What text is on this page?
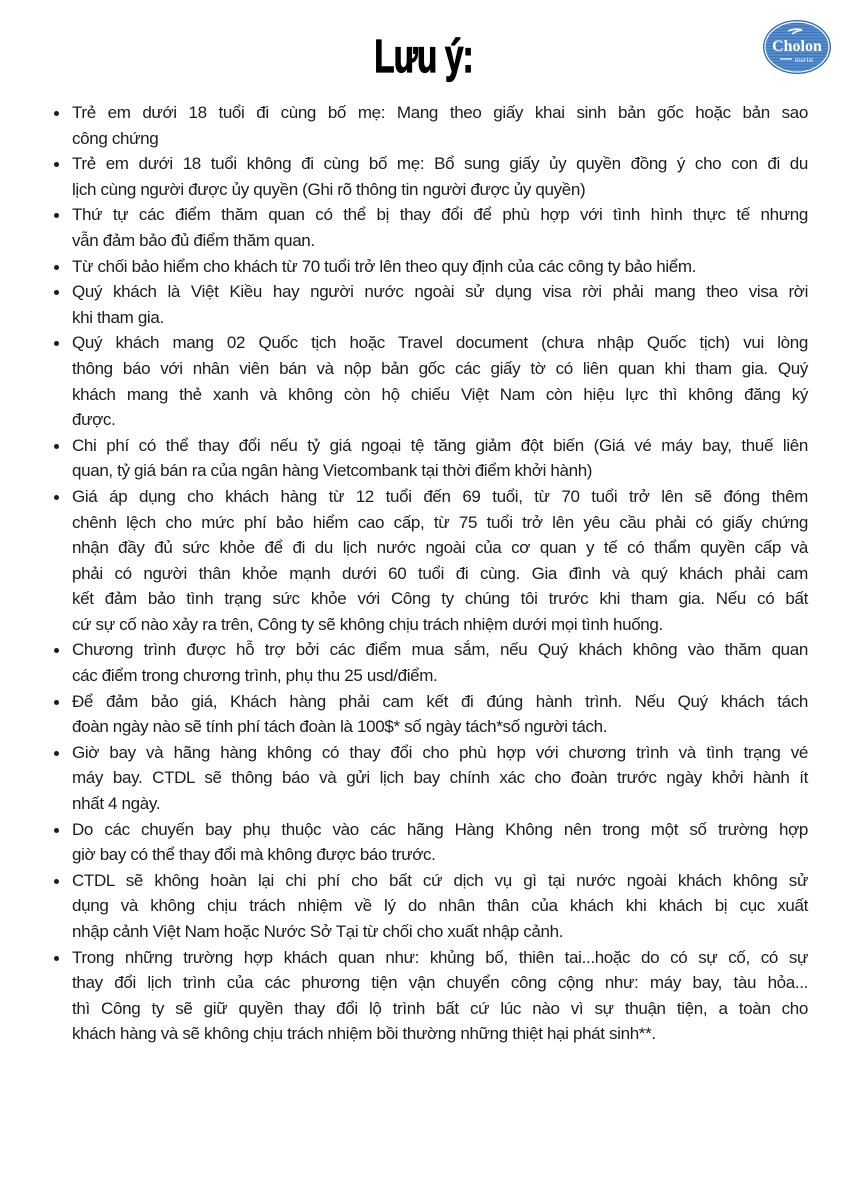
Lưu ý:	Cholon
tourist
Trẻ em dưới 18 tuổi đi cùng bố mẹ: Mang theo giấy khai sinh bản gốc hoặc bản sao
công chứng
Trẻ em dưới 18 tuổi không đi cùng bố mẹ: Bổ sung giấy ủy quyền đồng ý cho con đi du
lịch cùng người được ủy quyền (Ghi rõ thông tin người được ủy quyền)
Thứ tự các điểm thăm quan có thể bị thay đổi để phù hợp với tình hình thực tế nhưng
vẫn đảm bảo đủ điểm thăm quan.
Từ chối bảo hiểm cho khách từ 70 tuổi trở lên theo quy định của các công ty bảo hiểm.
Quý khách là Việt Kiều hay người nước ngoài sử dụng visa rời phải mang theo visa rời
khi tham gia.
Quý khách mang 02 Quốc tịch hoặc Travel document (chưa nhập Quốc tịch) vui lòng
thông báo với nhân viên bán và nộp bản gốc các giấy tờ có liên quan khi tham gia. Quý
khách mang thẻ xanh và không còn hộ chiếu Việt Nam còn hiệu lực thì không đăng ký
được.
Chi phí có thể thay đổi nếu tỷ giá ngoại tệ tăng giảm đột biến (Giá vé máy bay, thuế liên
quan, tỷ giá bán ra của ngân hàng Vietcombank tại thời điểm khởi hành)
Giá áp dụng cho khách hàng từ 12 tuổi đến 69 tuổi, từ 70 tuổi trở lên sẽ đóng thêm
chênh lệch cho mức phí bảo hiểm cao cấp, từ 75 tuổi trở lên yêu cầu phải có giấy chứng
nhận đầy đủ sức khỏe để đi du lịch nước ngoài của cơ quan y tế có thẩm quyền cấp và
phải có người thân khỏe mạnh dưới 60 tuổi đi cùng. Gia đình và quý khách phải cam
kết đảm bảo tình trạng sức khỏe với Công ty chúng tôi trước khi tham gia. Nếu có bất
cứ sự cố nào xảy ra trên, Công ty sẽ không chịu trách nhiệm dưới mọi tình huống.
Chương trình được hỗ trợ bởi các điểm mua sắm, nếu Quý khách không vào thăm quan
các điểm trong chương trình, phụ thu 25 usd/điểm.
Để đảm bảo giá, Khách hàng phải cam kết đi đúng hành trình. Nếu Quý khách tách
đoàn ngày nào sẽ tính phí tách đoàn là 100$* số ngày tách*số người tách.
Giờ bay và hãng hàng không có thay đổi cho phù hợp với chương trình và tình trạng vé
máy bay. CTDL sẽ thông báo và gửi lịch bay chính xác cho đoàn trước ngày khởi hành ít
nhất 4 ngày.
Do các chuyến bay phụ thuộc vào các hãng Hàng Không nên trong một số trường hợp
giờ bay có thể thay đổi mà không được báo trước.
CTDL sẽ không hoàn lại chi phí cho bất cứ dịch vụ gì tại nước ngoài khách không sử
dụng và không chịu trách nhiệm về lý do nhân thân của khách khi khách bị cục xuất
nhập cảnh Việt Nam hoặc Nước Sở Tại từ chối cho xuất nhập cảnh.
Trong những trường hợp khách quan như: khủng bố, thiên tai...hoặc do có sự cố, có sự
thay đổi lịch trình của các phương tiện vận chuyển công cộng như: máy bay, tàu hỏa...
thì Công ty sẽ giữ quyền thay đổi lộ trình bất cứ lúc nào vì sự thuận tiện, a toàn cho
khách hàng và sẽ không chịu trách nhiệm bồi thường những thiệt hại phát sinh**.
